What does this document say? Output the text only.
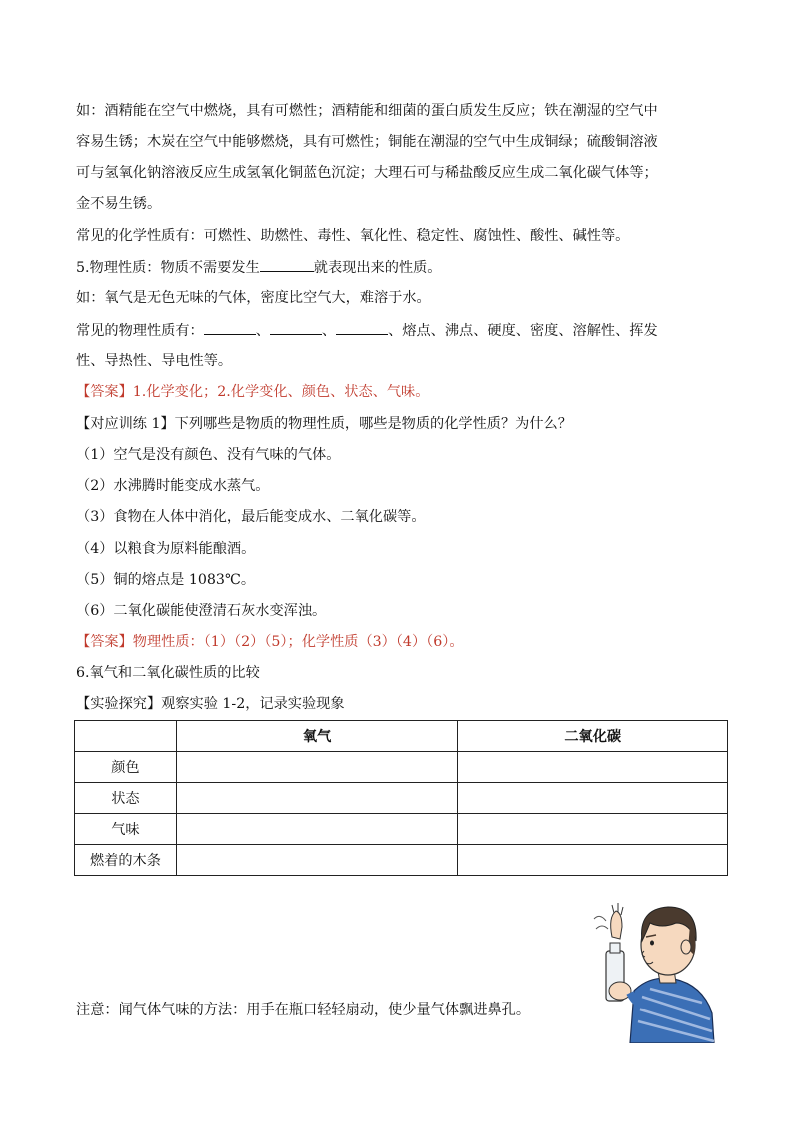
如：酒精能在空气中燃烧，具有可燃性；酒精能和细菌的蛋白质发生反应；铁在潮湿的空气中
容易生锈；木炭在空气中能够燃烧，具有可燃性；铜能在潮湿的空气中生成铜绿；硫酸铜溶液
可与氢氧化钠溶液反应生成氢氧化铜蓝色沉淀；大理石可与稀盐酸反应生成二氧化碳气体等；
金不易生锈。
常见的化学性质有：可燃性、助燃性、毒性、氧化性、稳定性、腐蚀性、酸性、碱性等。
5.物理性质：物质不需要发生	就表现出来的性质。
如：氧气是无色无味的气体，密度比空气大，难溶于水。
常见的物理性质有：	、	、	、熔点、沸点、硬度、密度、溶解性、挥发
性、导热性、导电性等。
【答案】1.化学变化；2.化学变化、颜色、状态、气味。
【对应训练 1】下列哪些是物质的物理性质，哪些是物质的化学性质？为什么？
（1）空气是没有颜色、没有气味的气体。
（2）水沸腾时能变成水蒸气。
（3）食物在人体中消化，最后能变成水、二氧化碳等。
（4）以粮食为原料能酿酒。
（5）铜的熔点是 1083℃。
（6）二氧化碳能使澄清石灰水变浑浊。
【答案】物理性质：（1）（2）（5）；化学性质（3）（4）（6）。
6.氧气和二氧化碳性质的比较
【实验探究】观察实验 1-2，记录实验现象
	氧气	二氧化碳
颜色		
状态		
气味		
燃着的木条		
注意：闻气体气味的方法：用手在瓶口轻轻扇动，使少量气体飘进鼻孔。
